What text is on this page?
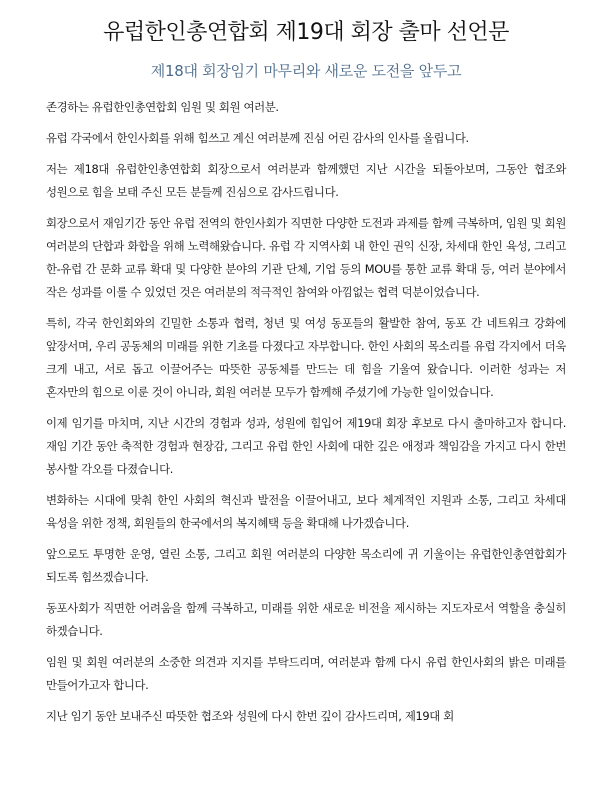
유럽한인총연합회 제19대 회장 출마 선언문
제18대 회장임기 마무리와 새로운 도전을 앞두고

존경하는 유럽한인총연합회 임원 및 회원 여러분.

유럽 각국에서 한인사회를 위해 힘쓰고 계신 여러분께 진심 어린 감사의 인사를 올립니다.

저는 제18대 유럽한인총연합회 회장으로서 여러분과 함께했던 지난 시간을 되돌아보며, 그동안 협조와 성원으로 힘을 보태 주신 모든 분들께 진심으로 감사드립니다.

회장으로서 재임기간 동안 유럽 전역의 한인사회가 직면한 다양한 도전과 과제를 함께 극복하며, 임원 및 회원 여러분의 단합과 화합을 위해 노력해왔습니다. 유럽 각 지역사회 내 한인 권익 신장, 차세대 한인 육성, 그리고 한-유럽 간 문화 교류 확대 및 다양한 분야의 기관 단체, 기업 등의 MOU를 통한 교류 확대 등, 여러 분야에서 작은 성과를 이룰 수 있었던 것은 여러분의 적극적인 참여와 아낌없는 협력 덕분이었습니다.

특히, 각국 한인회와의 긴밀한 소통과 협력, 청년 및 여성 동포들의 활발한 참여, 동포 간 네트워크 강화에 앞장서며, 우리 공동체의 미래를 위한 기초를 다졌다고 자부합니다. 한인 사회의 목소리를 유럽 각지에서 더욱 크게 내고, 서로 돕고 이끌어주는 따뜻한 공동체를 만드는 데 힘을 기울여 왔습니다. 이러한 성과는 저 혼자만의 힘으로 이룬 것이 아니라, 회원 여러분 모두가 함께해 주셨기에 가능한 일이었습니다.

이제 임기를 마치며, 지난 시간의 경험과 성과, 성원에 힘입어 제19대 회장 후보로 다시 출마하고자 합니다. 재임 기간 동안 축적한 경험과 현장감, 그리고 유럽 한인 사회에 대한 깊은 애정과 책임감을 가지고 다시 한번 봉사할 각오를 다졌습니다.

변화하는 시대에 맞춰 한인 사회의 혁신과 발전을 이끌어내고, 보다 체계적인 지원과 소통, 그리고 차세대 육성을 위한 정책, 회원들의 한국에서의 복지혜택 등을 확대해 나가겠습니다.

앞으로도 투명한 운영, 열린 소통, 그리고 회원 여러분의 다양한 목소리에 귀 기울이는 유럽한인총연합회가 되도록 힘쓰겠습니다.

동포사회가 직면한 어려움을 함께 극복하고, 미래를 위한 새로운 비전을 제시하는 지도자로서 역할을 충실히 하겠습니다.

임원 및 회원 여러분의 소중한 의견과 지지를 부탁드리며, 여러분과 함께 다시 유럽 한인사회의 밝은 미래를 만들어가고자 합니다.

지난 임기 동안 보내주신 따뜻한 협조와 성원에 다시 한번 깊이 감사드리며, 제19대 회
